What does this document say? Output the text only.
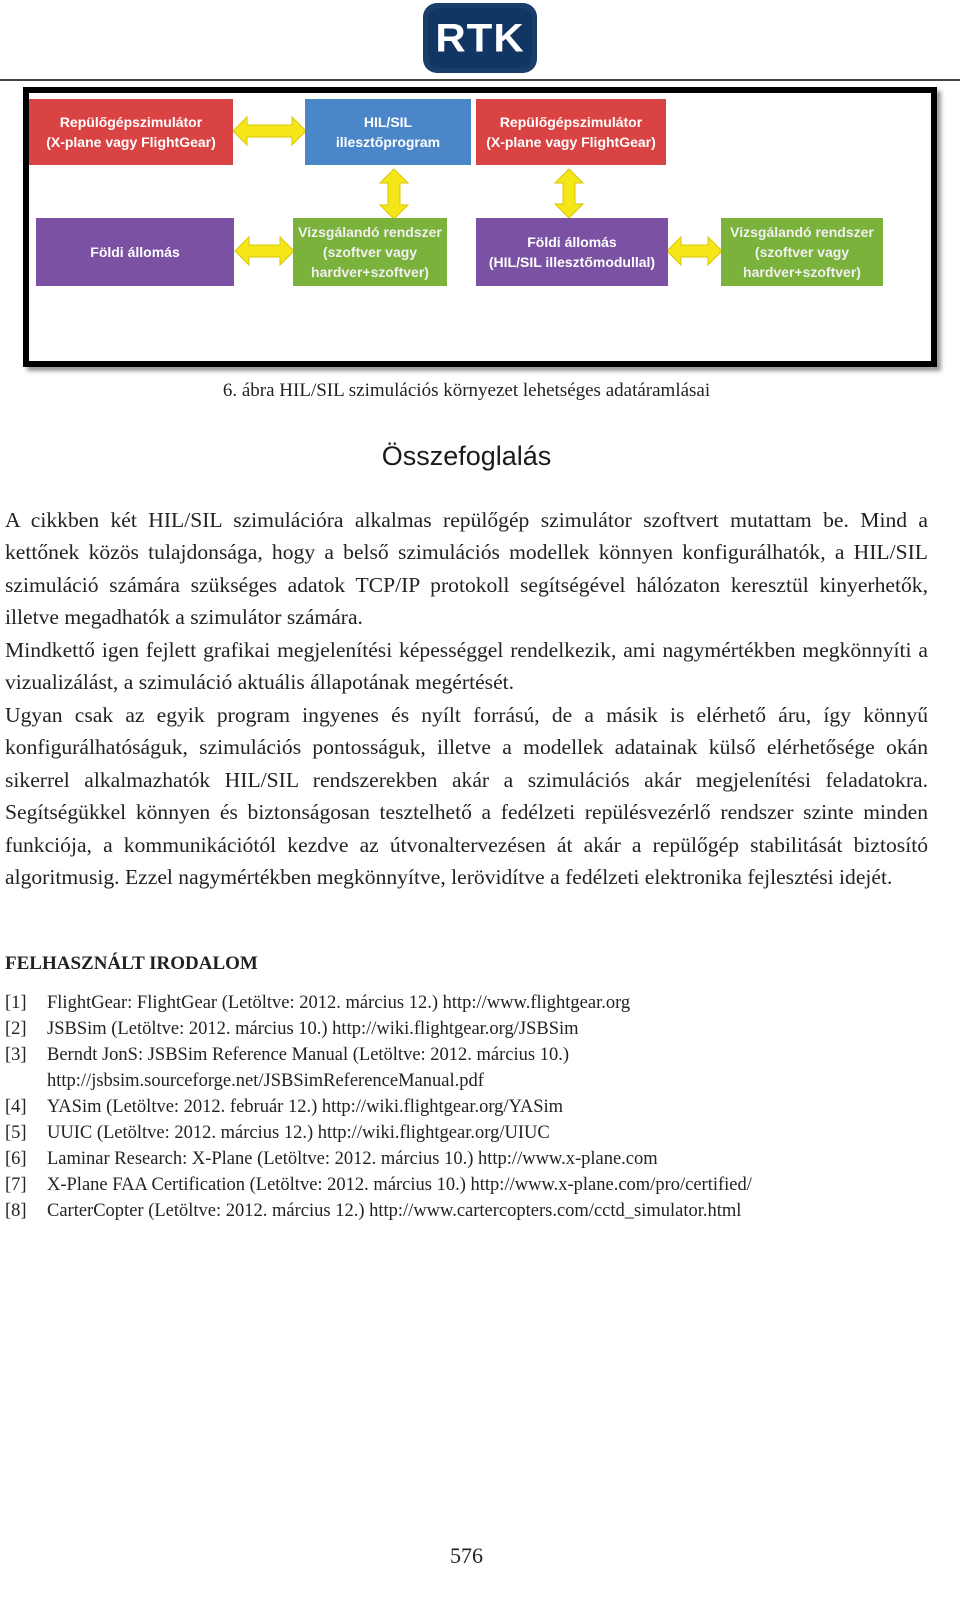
RTK
Repülőgépszimulátor
(X-plane vagy FlightGear)
HIL/SIL
illesztőprogram
Földi állomás
Vizsgálandó rendszer
(szoftver vagy
hardver+szoftver)
Repülőgépszimulátor
(X-plane vagy FlightGear)
Földi állomás
(HIL/SIL illesztőmodullal)
Vizsgálandó rendszer
(szoftver vagy
hardver+szoftver)
6. ábra HIL/SIL szimulációs környezet lehetséges adatáramlásai
Összefoglalás

A cikkben két HIL/SIL szimulációra alkalmas repülőgép szimulátor szoftvert mutattam be. Mind a kettőnek közös tulajdonsága, hogy a belső szimulációs modellek könnyen konfigurálhatók, a HIL/SIL szimuláció számára szükséges adatok TCP/IP protokoll segítségével hálózaton keresztül kinyerhetők, illetve megadhatók a szimulátor számára.

Mindkettő igen fejlett grafikai megjelenítési képességgel rendelkezik, ami nagymértékben megkönnyíti a vizualizálást, a szimuláció aktuális állapotának megértését.

Ugyan csak az egyik program ingyenes és nyílt forrású, de a másik is elérhető áru, így könnyű konfigurálhatóságuk, szimulációs pontosságuk, illetve a modellek adatainak külső elérhetősége okán sikerrel alkalmazhatók HIL/SIL rendszerekben akár a szimulációs akár megjelenítési feladatokra. Segítségükkel könnyen és biztonságosan tesztelhető a fedélzeti repülésvezérlő rendszer szinte minden funkciója, a kommunikációtól kezdve az útvonaltervezésen át akár a repülőgép stabilitását biztosító algoritmusig. Ezzel nagymértékben megkönnyítve, lerövidítve a fedélzeti elektronika fejlesztési idejét.

FELHASZNÁLT IRODALOM
[1]	FlightGear: FlightGear (Letöltve: 2012. március 12.) http://www.flightgear.org
[2]	JSBSim (Letöltve: 2012. március 10.) http://wiki.flightgear.org/JSBSim
[3]	Berndt JonS: JSBSim Reference Manual (Letöltve: 2012. március 10.)
http://jsbsim.sourceforge.net/JSBSimReferenceManual.pdf
[4]	YASim (Letöltve: 2012. február 12.) http://wiki.flightgear.org/YASim
[5]	UUIC (Letöltve: 2012. március 12.) http://wiki.flightgear.org/UIUC
[6]	Laminar Research: X-Plane (Letöltve: 2012. március 10.) http://www.x-plane.com
[7]	X-Plane FAA Certification (Letöltve: 2012. március 10.) http://www.x-plane.com/pro/certified/
[8]	CarterCopter (Letöltve: 2012. március 12.) http://www.cartercopters.com/cctd_simulator.html
576
